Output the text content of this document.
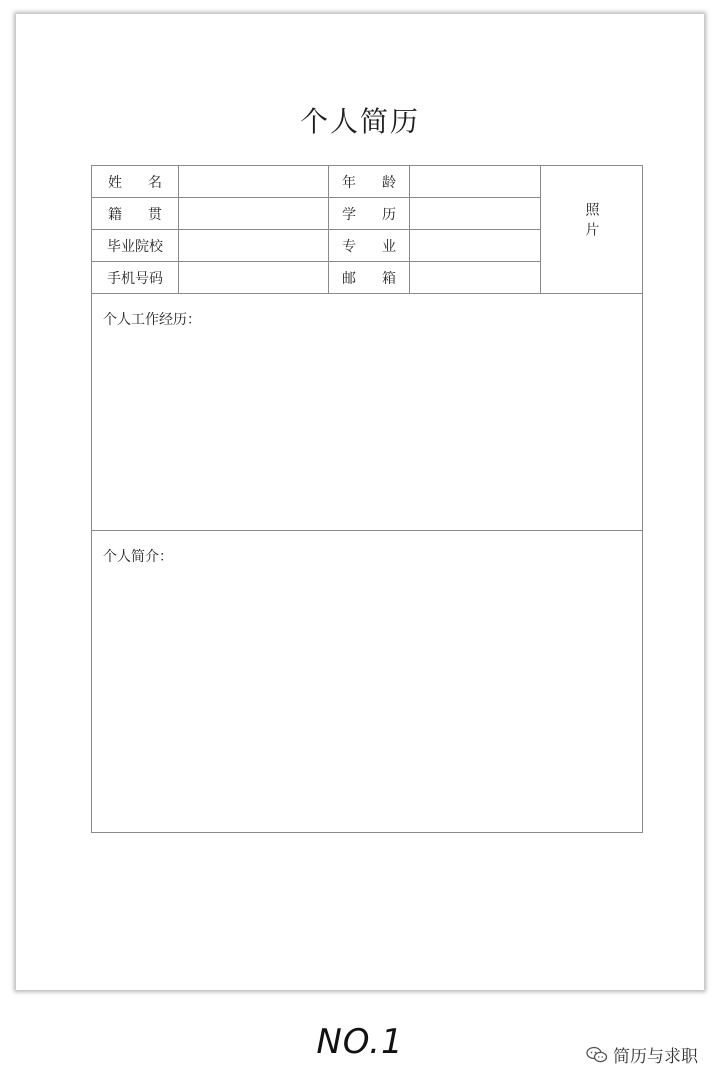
个人简历
姓　名		年　龄		照片
籍　贯		学　历		
毕业院校		专　业		
手机号码		邮　箱		

个人工作经历：				

个人简介：				
NO.1	简历与求职
